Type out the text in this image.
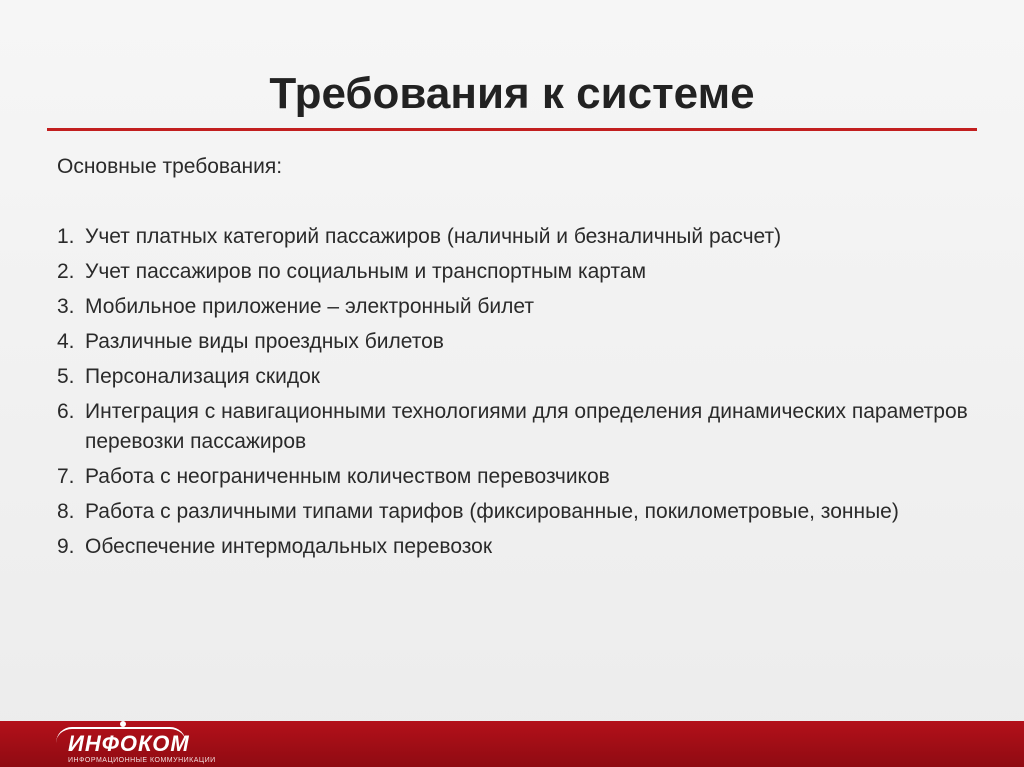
Требования к системе
Основные требования:
1. Учет платных категорий пассажиров (наличный и безналичный расчет)
2. Учет пассажиров по социальным и транспортным картам
3. Мобильное приложение – электронный билет
4. Различные виды проездных билетов
5. Персонализация скидок
6. Интеграция с навигационными технологиями для определения динамических параметров перевозки пассажиров
7. Работа с неограниченным количеством перевозчиков
8. Работа с различными типами тарифов (фиксированные, покилометровые, зонные)
9. Обеспечение интермодальных перевозок
ИНФОКОМ
ИНФОРМАЦИОННЫЕ КОММУНИКАЦИИ
